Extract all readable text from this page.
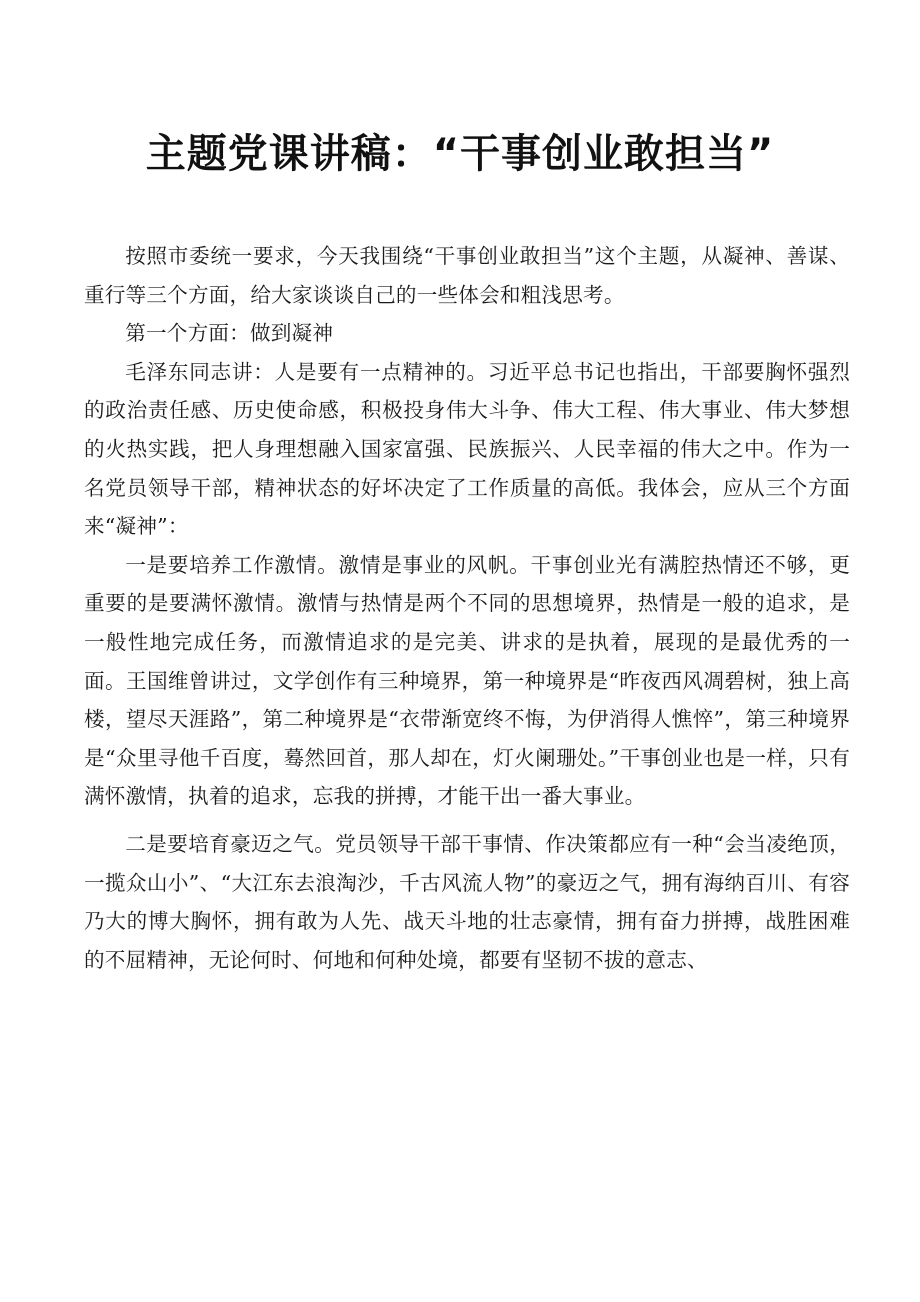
主题党课讲稿：“干事创业敢担当”

按照市委统一要求，今天我围绕“干事创业敢担当”这个主题，从凝神、善谋、重行等三个方面，给大家谈谈自己的一些体会和粗浅思考。

第一个方面：做到凝神

毛泽东同志讲：人是要有一点精神的。习近平总书记也指出，干部要胸怀强烈的政治责任感、历史使命感，积极投身伟大斗争、伟大工程、伟大事业、伟大梦想的火热实践，把人身理想融入国家富强、民族振兴、人民幸福的伟大之中。作为一名党员领导干部，精神状态的好坏决定了工作质量的高低。我体会，应从三个方面来“凝神”：

一是要培养工作激情。激情是事业的风帆。干事创业光有满腔热情还不够，更重要的是要满怀激情。激情与热情是两个不同的思想境界，热情是一般的追求，是一般性地完成任务，而激情追求的是完美、讲求的是执着，展现的是最优秀的一面。王国维曾讲过，文学创作有三种境界，第一种境界是“昨夜西风凋碧树，独上高楼，望尽天涯路”，第二种境界是“衣带渐宽终不悔，为伊消得人憔悴”，第三种境界是“众里寻他千百度，蓦然回首，那人却在，灯火阑珊处。”干事创业也是一样，只有满怀激情，执着的追求，忘我的拼搏，才能干出一番大事业。

二是要培育豪迈之气。党员领导干部干事情、作决策都应有一种“会当凌绝顶，一揽众山小”、“大江东去浪淘沙，千古风流人物”的豪迈之气，拥有海纳百川、有容乃大的博大胸怀，拥有敢为人先、战天斗地的壮志豪情，拥有奋力拼搏，战胜困难的不屈精神，无论何时、何地和何种处境，都要有坚韧不拔的意志、
